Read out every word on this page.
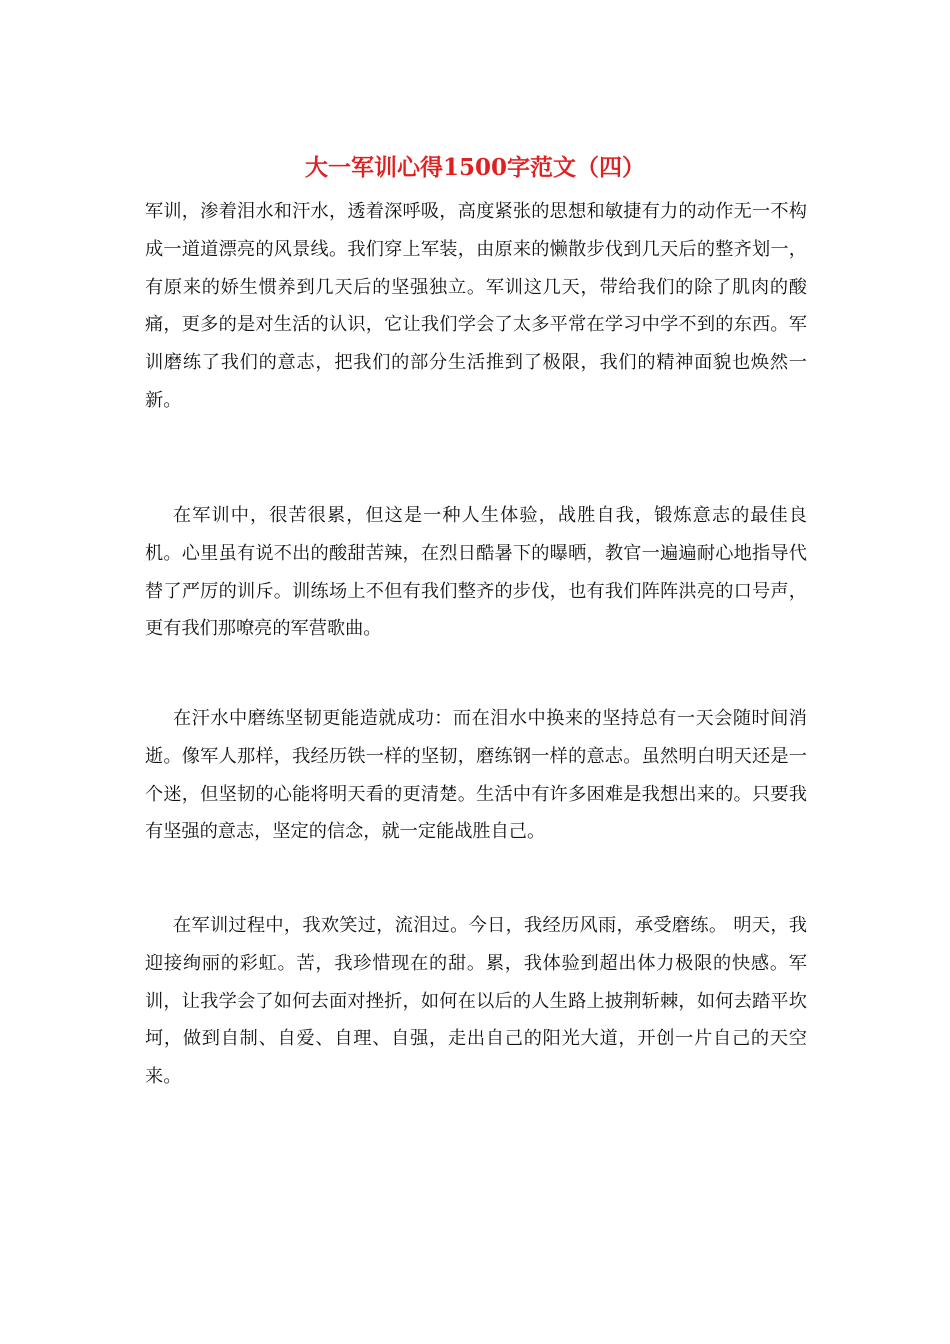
大一军训心得1500字范文（四）

军训，渗着泪水和汗水，透着深呼吸，高度紧张的思想和敏捷有力的动作无一不构成一道道漂亮的风景线。我们穿上军装，由原来的懒散步伐到几天后的整齐划一，有原来的娇生惯养到几天后的坚强独立。军训这几天，带给我们的除了肌肉的酸痛，更多的是对生活的认识，它让我们学会了太多平常在学习中学不到的东西。军训磨练了我们的意志，把我们的部分生活推到了极限，我们的精神面貌也焕然一新。

在军训中，很苦很累，但这是一种人生体验，战胜自我，锻炼意志的最佳良机。心里虽有说不出的酸甜苦辣，在烈日酷暑下的曝晒，教官一遍遍耐心地指导代替了严厉的训斥。训练场上不但有我们整齐的步伐，也有我们阵阵洪亮的口号声，更有我们那嘹亮的军营歌曲。

在汗水中磨练坚韧更能造就成功：而在泪水中换来的坚持总有一天会随时间消逝。像军人那样，我经历铁一样的坚韧，磨练钢一样的意志。虽然明白明天还是一个迷，但坚韧的心能将明天看的更清楚。生活中有许多困难是我想出来的。只要我有坚强的意志，坚定的信念，就一定能战胜自己。

在军训过程中，我欢笑过，流泪过。今日，我经历风雨，承受磨练。 明天，我迎接绚丽的彩虹。苦，我珍惜现在的甜。累，我体验到超出体力极限的快感。军训，让我学会了如何去面对挫折，如何在以后的人生路上披荆斩棘，如何去踏平坎坷，做到自制、自爱、自理、自强，走出自己的阳光大道，开创一片自己的天空来。
